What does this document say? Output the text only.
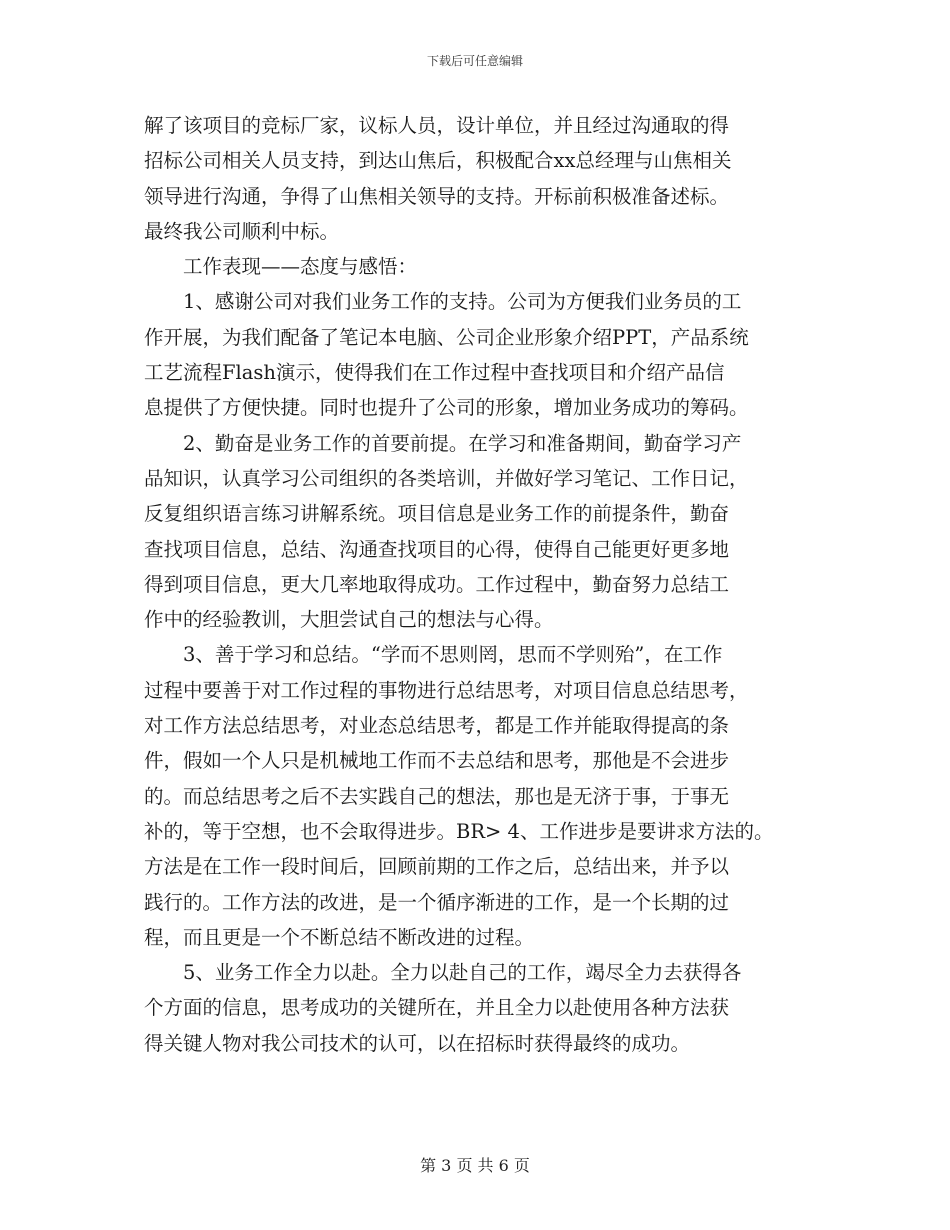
下载后可任意编辑
解了该项目的竞标厂家，议标人员，设计单位，并且经过沟通取的得
招标公司相关人员支持，到达山焦后，积极配合xx总经理与山焦相关
领导进行沟通，争得了山焦相关领导的支持。开标前积极准备述标。
最终我公司顺利中标。
工作表现——态度与感悟：
1、感谢公司对我们业务工作的支持。公司为方便我们业务员的工
作开展，为我们配备了笔记本电脑、公司企业形象介绍PPT，产品系统
工艺流程Flash演示，使得我们在工作过程中查找项目和介绍产品信
息提供了方便快捷。同时也提升了公司的形象，增加业务成功的筹码。
2、勤奋是业务工作的首要前提。在学习和准备期间，勤奋学习产
品知识，认真学习公司组织的各类培训，并做好学习笔记、工作日记，
反复组织语言练习讲解系统。项目信息是业务工作的前提条件，勤奋
查找项目信息，总结、沟通查找项目的心得，使得自己能更好更多地
得到项目信息，更大几率地取得成功。工作过程中，勤奋努力总结工
作中的经验教训，大胆尝试自己的想法与心得。
3、善于学习和总结。“学而不思则罔，思而不学则殆”，在工作
过程中要善于对工作过程的事物进行总结思考，对项目信息总结思考，
对工作方法总结思考，对业态总结思考，都是工作并能取得提高的条
件，假如一个人只是机械地工作而不去总结和思考，那他是不会进步
的。而总结思考之后不去实践自己的想法，那也是无济于事，于事无
补的，等于空想，也不会取得进步。BR> 4、工作进步是要讲求方法的。
方法是在工作一段时间后，回顾前期的工作之后，总结出来，并予以
践行的。工作方法的改进，是一个循序渐进的工作，是一个长期的过
程，而且更是一个不断总结不断改进的过程。
5、业务工作全力以赴。全力以赴自己的工作，竭尽全力去获得各
个方面的信息，思考成功的关键所在，并且全力以赴使用各种方法获
得关键人物对我公司技术的认可，以在招标时获得最终的成功。
第 3 页 共 6 页
